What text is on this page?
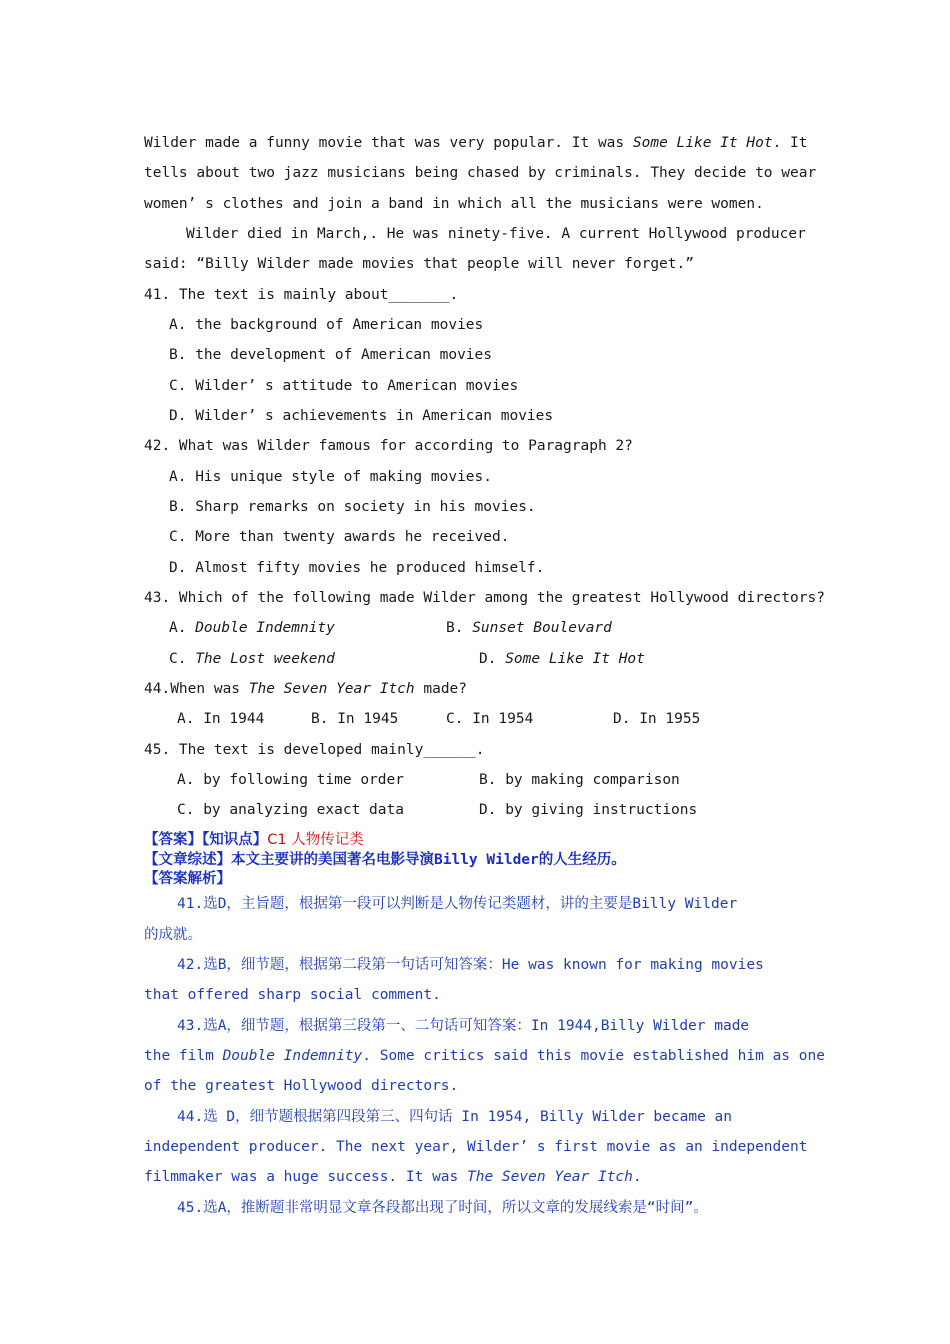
Wilder made a funny movie that was very popular. It was Some Like It Hot. It
tells about two jazz musicians being chased by criminals. They decide to wear
women’ s clothes and join a band in which all the musicians were women.
Wilder died in March,. He was ninety-five. A current Hollywood producer
said: “Billy Wilder made movies that people will never forget.”
41. The text is mainly about_______.
A. the background of American movies
B. the development of American movies
C. Wilder’ s attitude to American movies
D. Wilder’ s achievements in American movies
42. What was Wilder famous for according to Paragraph 2?
A. His unique style of making movies.
B. Sharp remarks on society in his movies.
C. More than twenty awards he received.
D. Almost fifty movies he produced himself.
43. Which of the following made Wilder among the greatest Hollywood directors?
A. Double Indemnity	B. Sunset Boulevard
C. The Lost weekend	D. Some Like It Hot
44.When was The Seven Year Itch made?
A. In 1944	B. In 1945	C. In 1954	D. In 1955
45. The text is developed mainly______.
A. by following time order	B. by making comparison
C. by analyzing exact data	D. by giving instructions
【答案】【知识点】C1 人物传记类
【文章综述】本文主要讲的美国著名电影导演Billy Wilder的人生经历。
【答案解析】
41.选D，主旨题，根据第一段可以判断是人物传记类题材，讲的主要是Billy Wilder
的成就。
42.选B，细节题，根据第二段第一句话可知答案：He was known for making movies
that offered sharp social comment.
43.选A，细节题，根据第三段第一、二句话可知答案：In 1944,Billy Wilder made
the film Double Indemnity. Some critics said this movie established him as one
of the greatest Hollywood directors.
44.选 D，细节题根据第四段第三、四句话 In 1954, Billy Wilder became an
independent producer. The next year, Wilder’ s first movie as an independent
filmmaker was a huge success. It was The Seven Year Itch.
45.选A，推断题非常明显文章各段都出现了时间，所以文章的发展线索是“时间”。
